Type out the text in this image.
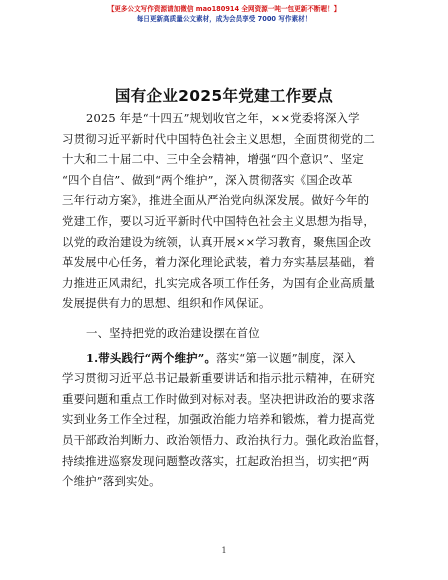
【更多公文写作资源请加微信 mao180914 全网资源一吨一包更新不断喔！】
每日更新高质量公文素材，成为会员享受 7000 写作素材！
国有企业2025年党建工作要点
2025 年是“十四五”规划收官之年，××党委将深入学
习贯彻习近平新时代中国特色社会主义思想，全面贯彻党的二
十大和二十届二中、三中全会精神，增强“四个意识”、坚定
“四个自信”、做到“两个维护”，深入贯彻落实《国企改革
三年行动方案》，推进全面从严治党向纵深发展。做好今年的
党建工作，要以习近平新时代中国特色社会主义思想为指导，
以党的政治建设为统领，认真开展××学习教育，聚焦国企改
革发展中心任务，着力深化理论武装，着力夯实基层基础，着
力推进正风肃纪，扎实完成各项工作任务，为国有企业高质量
发展提供有力的思想、组织和作风保证。
一、坚持把党的政治建设摆在首位
1.带头践行“两个维护”。落实“第一议题”制度，深入
学习贯彻习近平总书记最新重要讲话和指示批示精神，在研究
重要问题和重点工作时做到对标对表。坚决把讲政治的要求落
实到业务工作全过程，加强政治能力培养和锻炼，着力提高党
员干部政治判断力、政治领悟力、政治执行力。强化政治监督，
持续推进巡察发现问题整改落实，扛起政治担当，切实把“两
个维护”落到实处。
1
